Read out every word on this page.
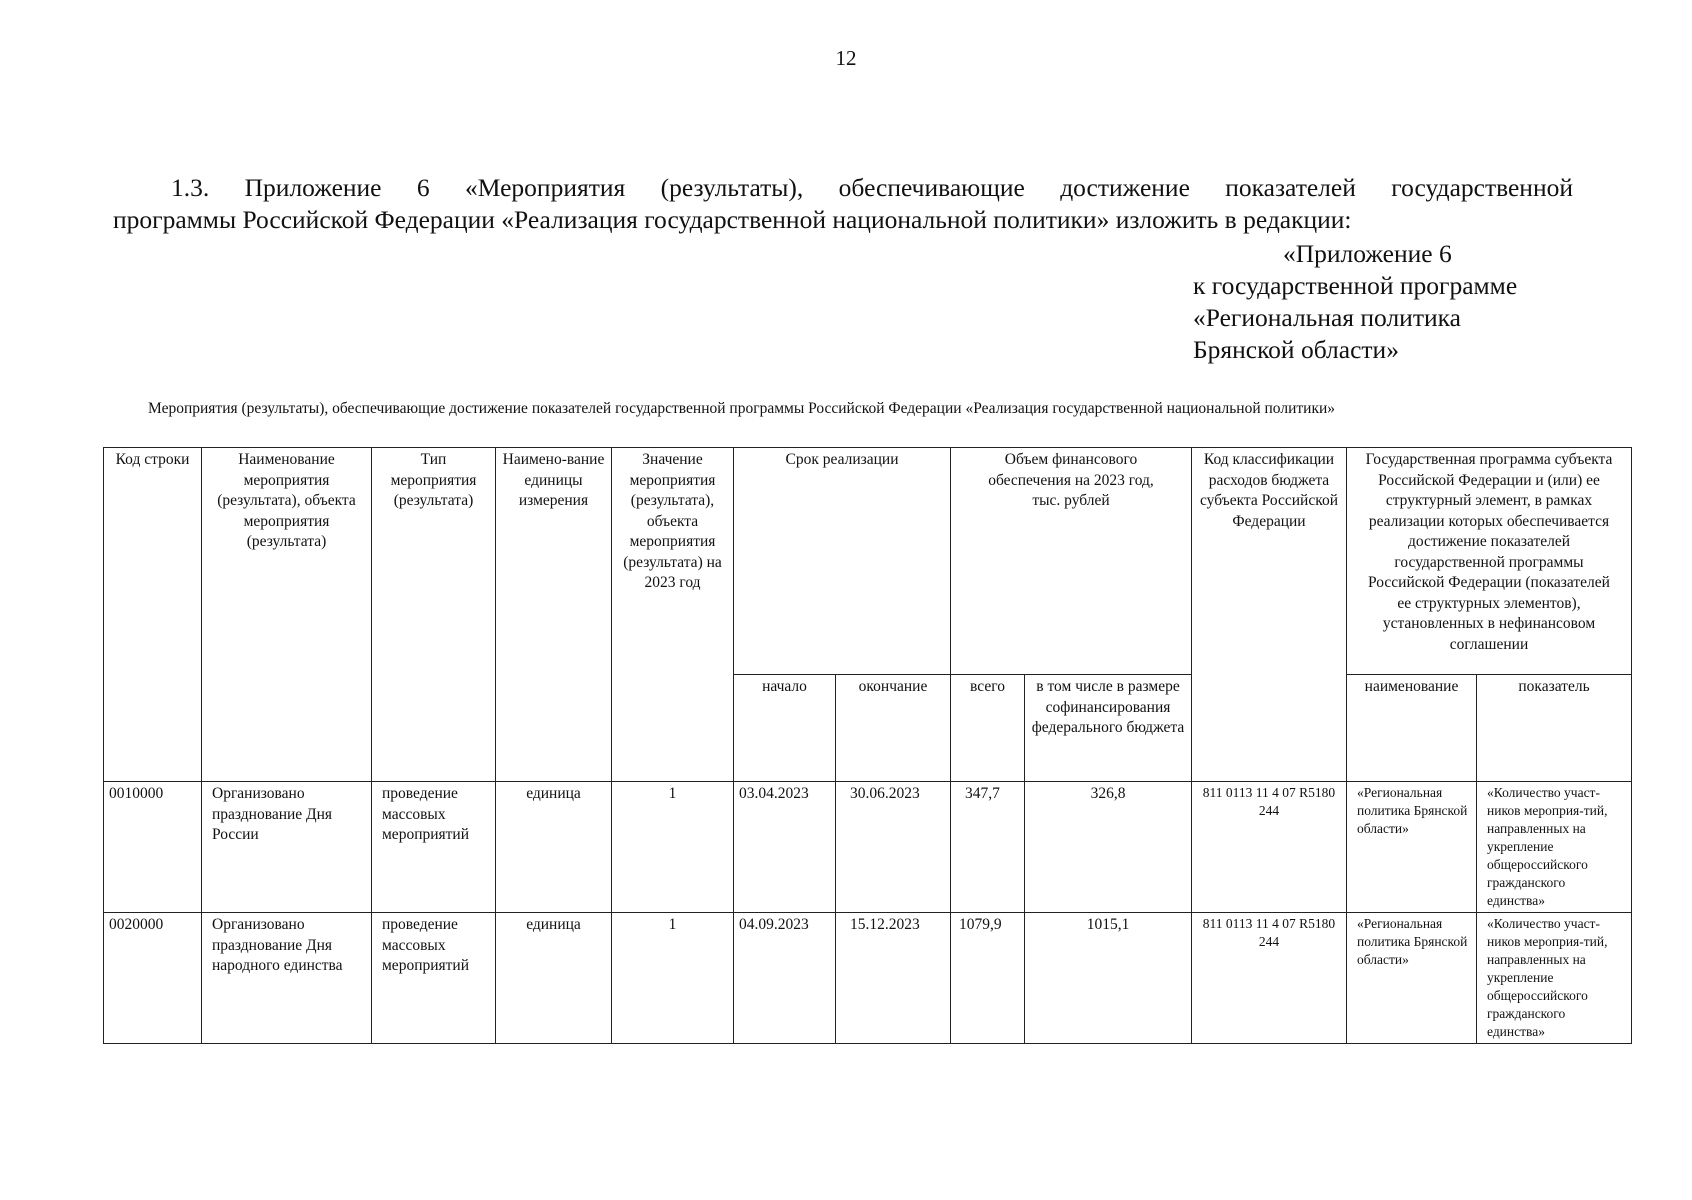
12
1.3. Приложение 6 «Мероприятия (результаты), обеспечивающие достижение показателей государственной
программы Российской Федерации «Реализация государственной национальной политики» изложить в редакции:
«Приложение 6
к государственной программе
«Региональная политика
Брянской области»
Мероприятия (результаты), обеспечивающие достижение показателей государственной программы Российской Федерации «Реализация государственной национальной политики»
Код строки	Наименование мероприятия (результата), объекта мероприятия (результата)	Тип мероприятия (результата)	Наимено-вание единицы измерения	Значение мероприятия (результата), объекта мероприятия (результата) на 2023 год	Срок реализации		Объем финансового обеспечения на 2023 год, тыс. рублей		Код классификации расходов бюджета субъекта Российской Федерации	Государственная программа субъекта Российской Федерации и (или) ее структурный элемент, в рамках реализации которых обеспечивается достижение показателей государственной программы Российской Федерации (показателей ее структурных элементов), установленных в нефинансовом соглашении	
					начало	окончание	всего	в том числе в размере софинансирования федерального бюджета		наименование	показатель
0010000	Организовано празднование Дня России	проведение массовых мероприятий	единица	1	03.04.2023	30.06.2023	347,7	326,8	811 0113 11 4 07 R5180 244	«Региональная политика Брянской области»	«Количество участ-ников мероприя-тий, направленных на укрепление общероссийского гражданского единства»
0020000	Организовано празднование Дня народного единства	проведение массовых мероприятий	единица	1	04.09.2023	15.12.2023	1079,9	1015,1	811 0113 11 4 07 R5180 244	«Региональная политика Брянской области»	«Количество участ-ников мероприя-тий, направленных на укрепление общероссийского гражданского единства»
